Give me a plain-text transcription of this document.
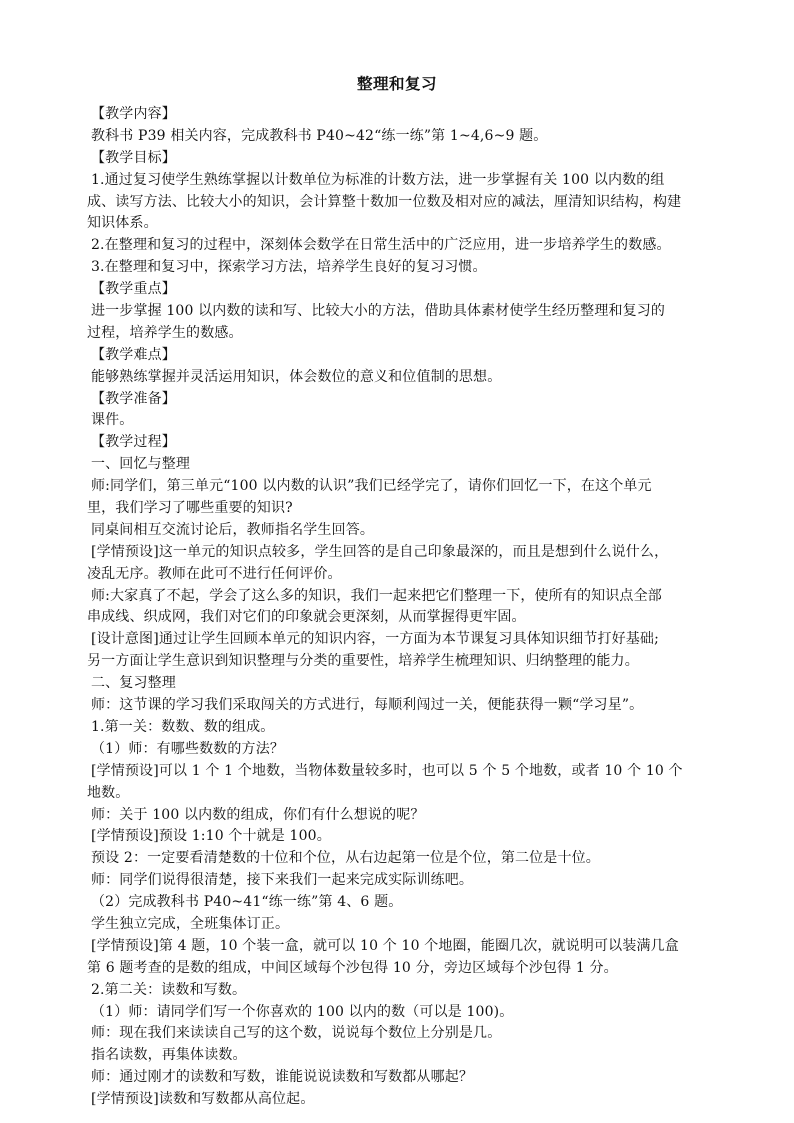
整理和复习
【教学内容】
教科书 P39 相关内容，完成教科书 P40~42“练一练”第 1~4,6~9 题。
【教学目标】
1.通过复习使学生熟练掌握以计数单位为标准的计数方法，进一步掌握有关 100 以内数的组
成、读写方法、比较大小的知识，会计算整十数加一位数及相对应的减法，厘清知识结构，构建
知识体系。
2.在整理和复习的过程中，深刻体会数学在日常生活中的广泛应用，进一步培养学生的数感。
3.在整理和复习中，探索学习方法，培养学生良好的复习习惯。
【教学重点】
进一步掌握 100 以内数的读和写、比较大小的方法，借助具体素材使学生经历整理和复习的
过程，培养学生的数感。
【教学难点】
能够熟练掌握并灵活运用知识，体会数位的意义和位值制的思想。
【教学准备】
课件。
【教学过程】
一、回忆与整理
师:同学们，第三单元“100 以内数的认识”我们已经学完了，请你们回忆一下，在这个单元
里，我们学习了哪些重要的知识?
同桌间相互交流讨论后，教师指名学生回答。
[学情预设]这一单元的知识点较多，学生回答的是自己印象最深的，而且是想到什么说什么，
凌乱无序。教师在此可不进行任何评价。
师:大家真了不起，学会了这么多的知识，我们一起来把它们整理一下，使所有的知识点全部
串成线、织成网，我们对它们的印象就会更深刻，从而掌握得更牢固。
[设计意图]通过让学生回顾本单元的知识内容，一方面为本节课复习具体知识细节打好基础;
另一方面让学生意识到知识整理与分类的重要性，培养学生梳理知识、归纳整理的能力。
二、复习整理
师：这节课的学习我们采取闯关的方式进行，每顺利闯过一关，便能获得一颗“学习星”。
1.第一关：数数、数的组成。
（1）师：有哪些数数的方法？
[学情预设]可以 1 个 1 个地数，当物体数量较多时，也可以 5 个 5 个地数，或者 10 个 10 个
地数。
师：关于 100 以内数的组成，你们有什么想说的呢？
[学情预设]预设 1:10 个十就是 100。
预设 2：一定要看清楚数的十位和个位，从右边起第一位是个位，第二位是十位。
师：同学们说得很清楚，接下来我们一起来完成实际训练吧。
（2）完成教科书 P40~41“练一练”第 4、6 题。
学生独立完成，全班集体订正。
[学情预设]第 4 题，10 个装一盒，就可以 10 个 10 个地圈，能圈几次，就说明可以装满几盒
第 6 题考查的是数的组成，中间区域每个沙包得 10 分，旁边区域每个沙包得 1 分。
2.第二关：读数和写数。
（1）师：请同学们写一个你喜欢的 100 以内的数（可以是 100)。
师：现在我们来读读自己写的这个数，说说每个数位上分别是几。
指名读数，再集体读数。
师：通过刚才的读数和写数，谁能说说读数和写数都从哪起？
[学情预设]读数和写数都从高位起。
